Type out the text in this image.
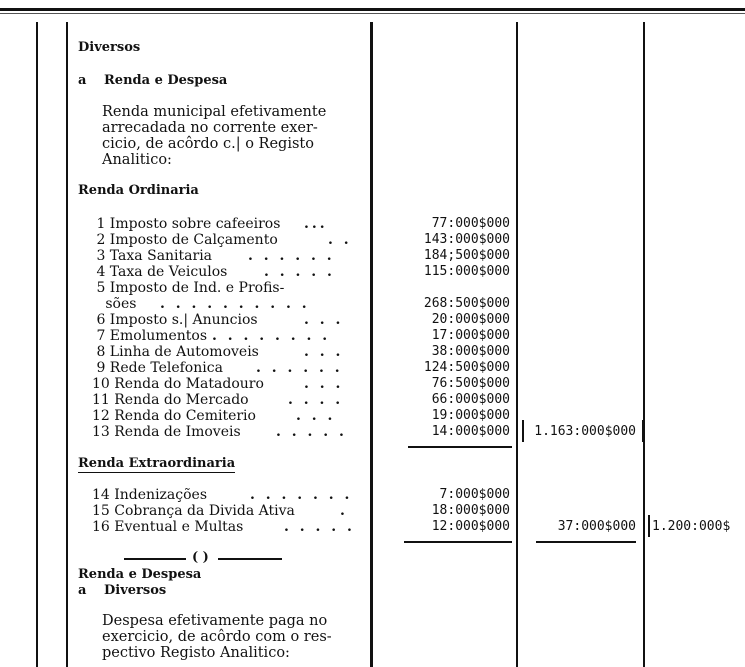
Diversos
a Renda e Despesa
Renda municipal efetivamente
arrecadada no corrente exer-
cicio, de acôrdo c.| o Registo
Analitico:
Renda Ordinaria
1 Imposto sobre cafeeiros ...	77:000$000
2 Imposto de Calçamento	. .	143:000$000
3 Taxa Sanitaria	. . . . . .	184;500$000
4 Taxa de Veiculos	. . . . .	115:000$000
5 Imposto de Ind. e Profis-
sões . . . . . . . . . .	268:500$000
6 Imposto s.| Anuncios	. . .	20:000$000
7 Emolumentos . . . . . . . .	17:000$000
8 Linha de Automoveis	. . .	38:000$000
9 Rede Telefonica . . . . . .	124:500$000
10 Renda do Matadouro	. . .	76:500$000
11 Renda do Mercado	. . . .	66:000$000
12 Renda do Cemiterio	. . .	19:000$000
13 Renda de Imoveis	. . . . .	14:000$000	1.163:000$000
Renda Extraordinaria
14 Indenizações	. . . . . . .	7:000$000
15 Cobrança da Divida Ativa	.	18:000$000
16 Eventual e Multas	. . . . .	12:000$000	37:000$000 1.200:000$
( )
Renda e Despesa
a Diversos
Despesa efetivamente paga no
exercicio, de acôrdo com o res-
pectivo Registo Analitico:
